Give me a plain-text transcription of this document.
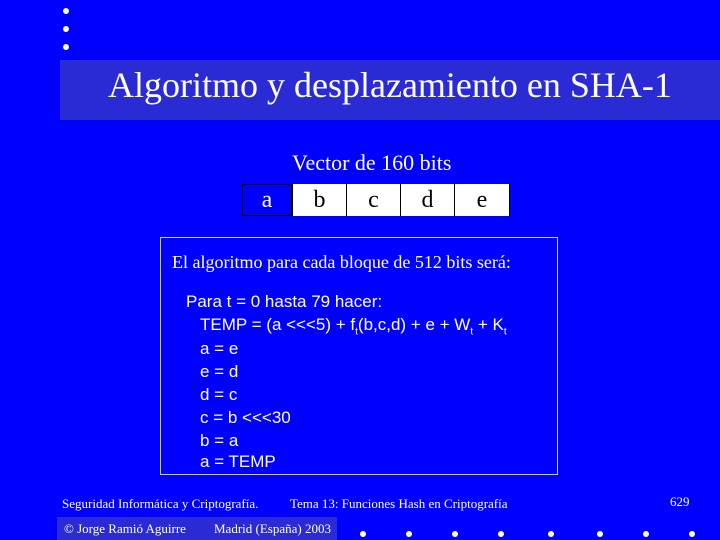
Algoritmo y desplazamiento en SHA-1
Vector de 160 bits
a	b	c	d	e
El algoritmo para cada bloque de 512 bits será:
Para t = 0 hasta 79 hacer:
TEMP = $(a <<<5) + f_t(b,c,d) + e + W_t + K_t$
a = e
e = d
d = c
c = b <<<30
b = a
a = TEMP
Seguridad Informática y Criptografía. Tema 13: Funciones Hash en Criptografía	629
© Jorge Ramió Aguirre Madrid (España) 2003
